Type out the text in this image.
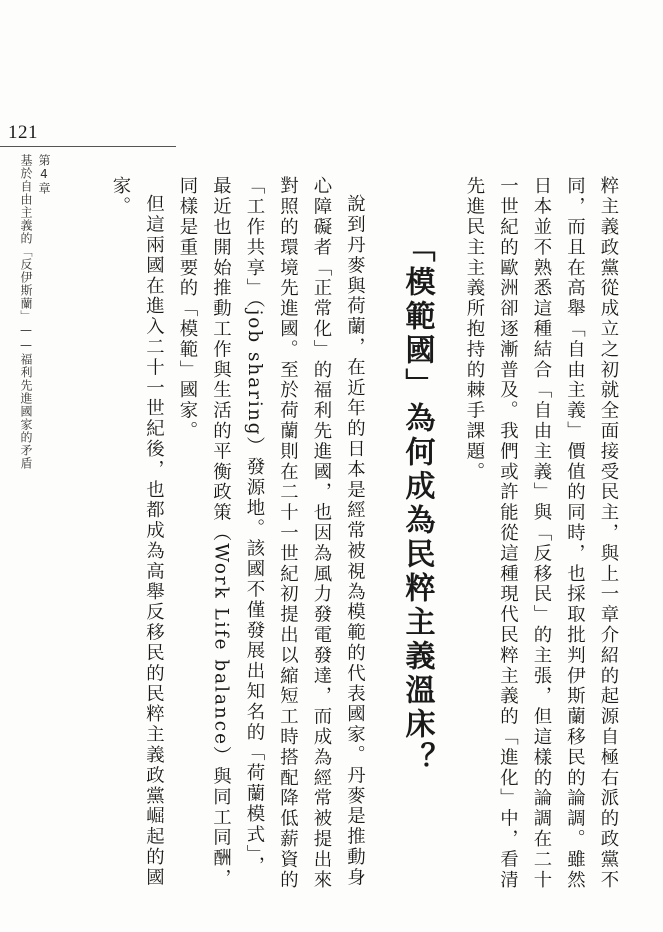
121
第4章
基於自由主義的「反伊斯蘭」——福利先進國家的矛盾	粹主義政黨從成立之初就全面接受民主，與上一章介紹的起源自極右派的政黨不同，而且在高舉「自由主義」價值的同時，也採取批判伊斯蘭移民的論調。雖然日本並不熟悉這種結合「自由主義」與「反移民」的主張，但這樣的論調在二十一世紀的歐洲卻逐漸普及。我們或許能從這種現代民粹主義的「進化」中，看清先進民主主義所抱持的棘手課題。

「模範國」為何成為民粹主義溫床？

說到丹麥與荷蘭，在近年的日本是經常被視為模範的代表國家。丹麥是推動身心障礙者「正常化」的福利先進國，也因為風力發電發達，而成為經常被提出來對照的環境先進國。至於荷蘭則在二十一世紀初提出以縮短工時搭配降低薪資的「工作共享」（job sharing）發源地。該國不僅發展出知名的「荷蘭模式」，最近也開始推動工作與生活的平衡政策（Work Life balance）與同工同酬，同樣是重要的「模範」國家。

但這兩國在進入二十一世紀後，也都成為高舉反移民的民粹主義政黨崛起的國家。
